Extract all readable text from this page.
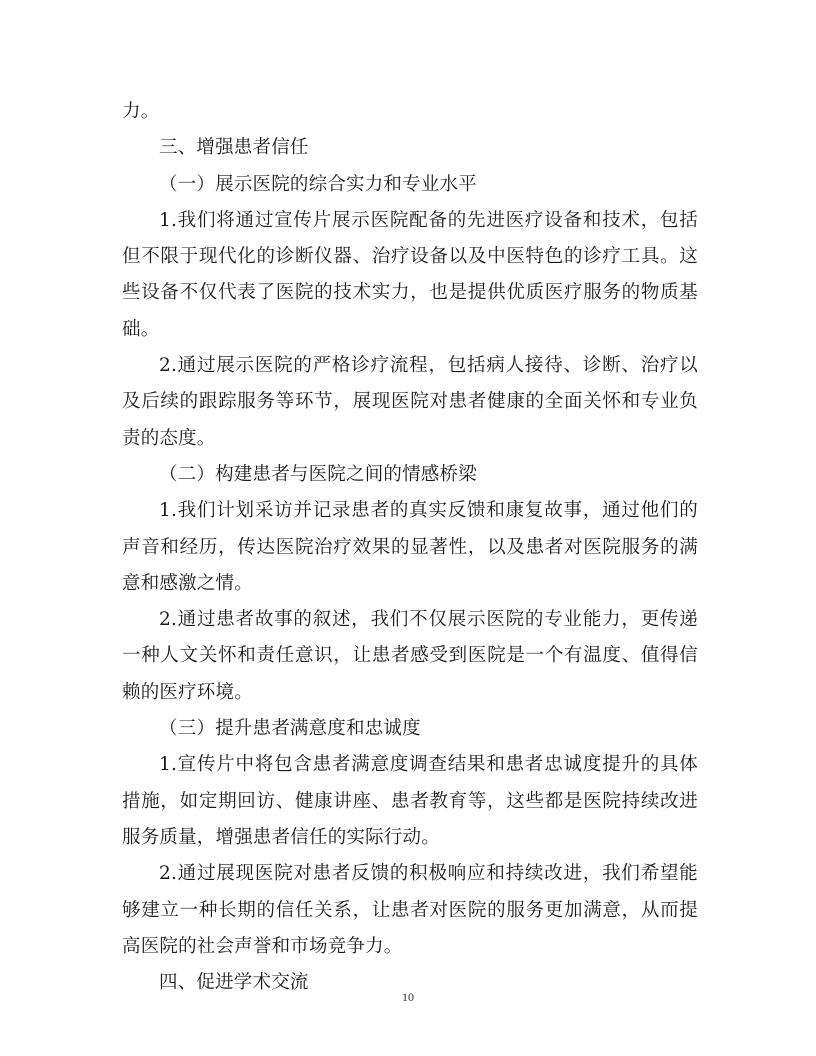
力。

三、增强患者信任

（一）展示医院的综合实力和专业水平

1.我们将通过宣传片展示医院配备的先进医疗设备和技术，包括但不限于现代化的诊断仪器、治疗设备以及中医特色的诊疗工具。这些设备不仅代表了医院的技术实力，也是提供优质医疗服务的物质基础。

2.通过展示医院的严格诊疗流程，包括病人接待、诊断、治疗以及后续的跟踪服务等环节，展现医院对患者健康的全面关怀和专业负责的态度。

（二）构建患者与医院之间的情感桥梁

1.我们计划采访并记录患者的真实反馈和康复故事，通过他们的声音和经历，传达医院治疗效果的显著性，以及患者对医院服务的满意和感激之情。

2.通过患者故事的叙述，我们不仅展示医院的专业能力，更传递一种人文关怀和责任意识，让患者感受到医院是一个有温度、值得信赖的医疗环境。

（三）提升患者满意度和忠诚度

1.宣传片中将包含患者满意度调查结果和患者忠诚度提升的具体措施，如定期回访、健康讲座、患者教育等，这些都是医院持续改进服务质量，增强患者信任的实际行动。

2.通过展现医院对患者反馈的积极响应和持续改进，我们希望能够建立一种长期的信任关系，让患者对医院的服务更加满意，从而提高医院的社会声誉和市场竞争力。

四、促进学术交流

10
